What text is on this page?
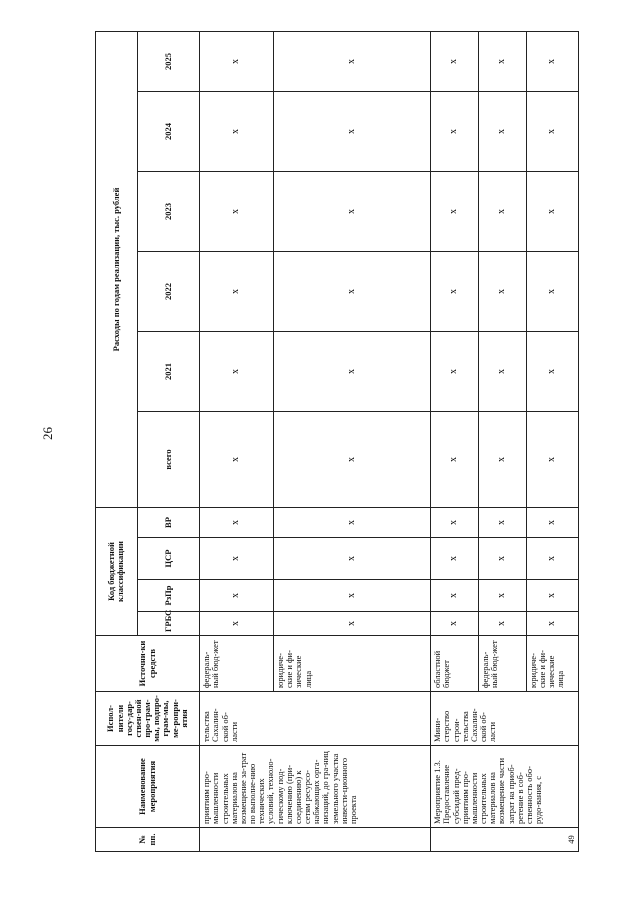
26
№ пп.	Наименование мероприятия	Испол-нители госу-дар-ствен-ной про-грам-мы, подпро-грам-мы, ме-ропри-ятия	Источни-ки средств	Код бюджетной классификации				Расходы по годам реализации, тыс. рублей					
				ГРБС	РзПр	ЦСР	ВР	всего	2021	2022	2023	2024	2025
	приятиям про-мышленности строительных материалов на возмещение за-трат по выполне-нию технических условий, техноло-гическому под-ключению (при-соединению) к сетям ресурсо-набжающих орга-низаций, до гра-ниц земельного участка инвести-ционного проекта	тельства Сахалин-ской об-ласти	федераль-ный бюд-жет	x	x	x	x	x	x	x	x	x	x
			юридиче-ские и фи-зические лица	x	x	x	x	x	x	x	x	x	x
49	Мероприятие 1.3. Предоставление субсидий пред-приятиям про-мышленности строительных материалов на возмещение части затрат на приоб-ретение в соб-ственность обо-рудо-вания, с	Мини-стерство строи-тельства Сахалин-ской об-ласти	областной бюджет	x	x	x	x	x	x	x	x	x	x
			федераль-ный бюд-жет	x	x	x	x	x	x	x	x	x	x
			юридиче-ские и фи-зические лица	x	x	x	x	x	x	x	x	x	x
